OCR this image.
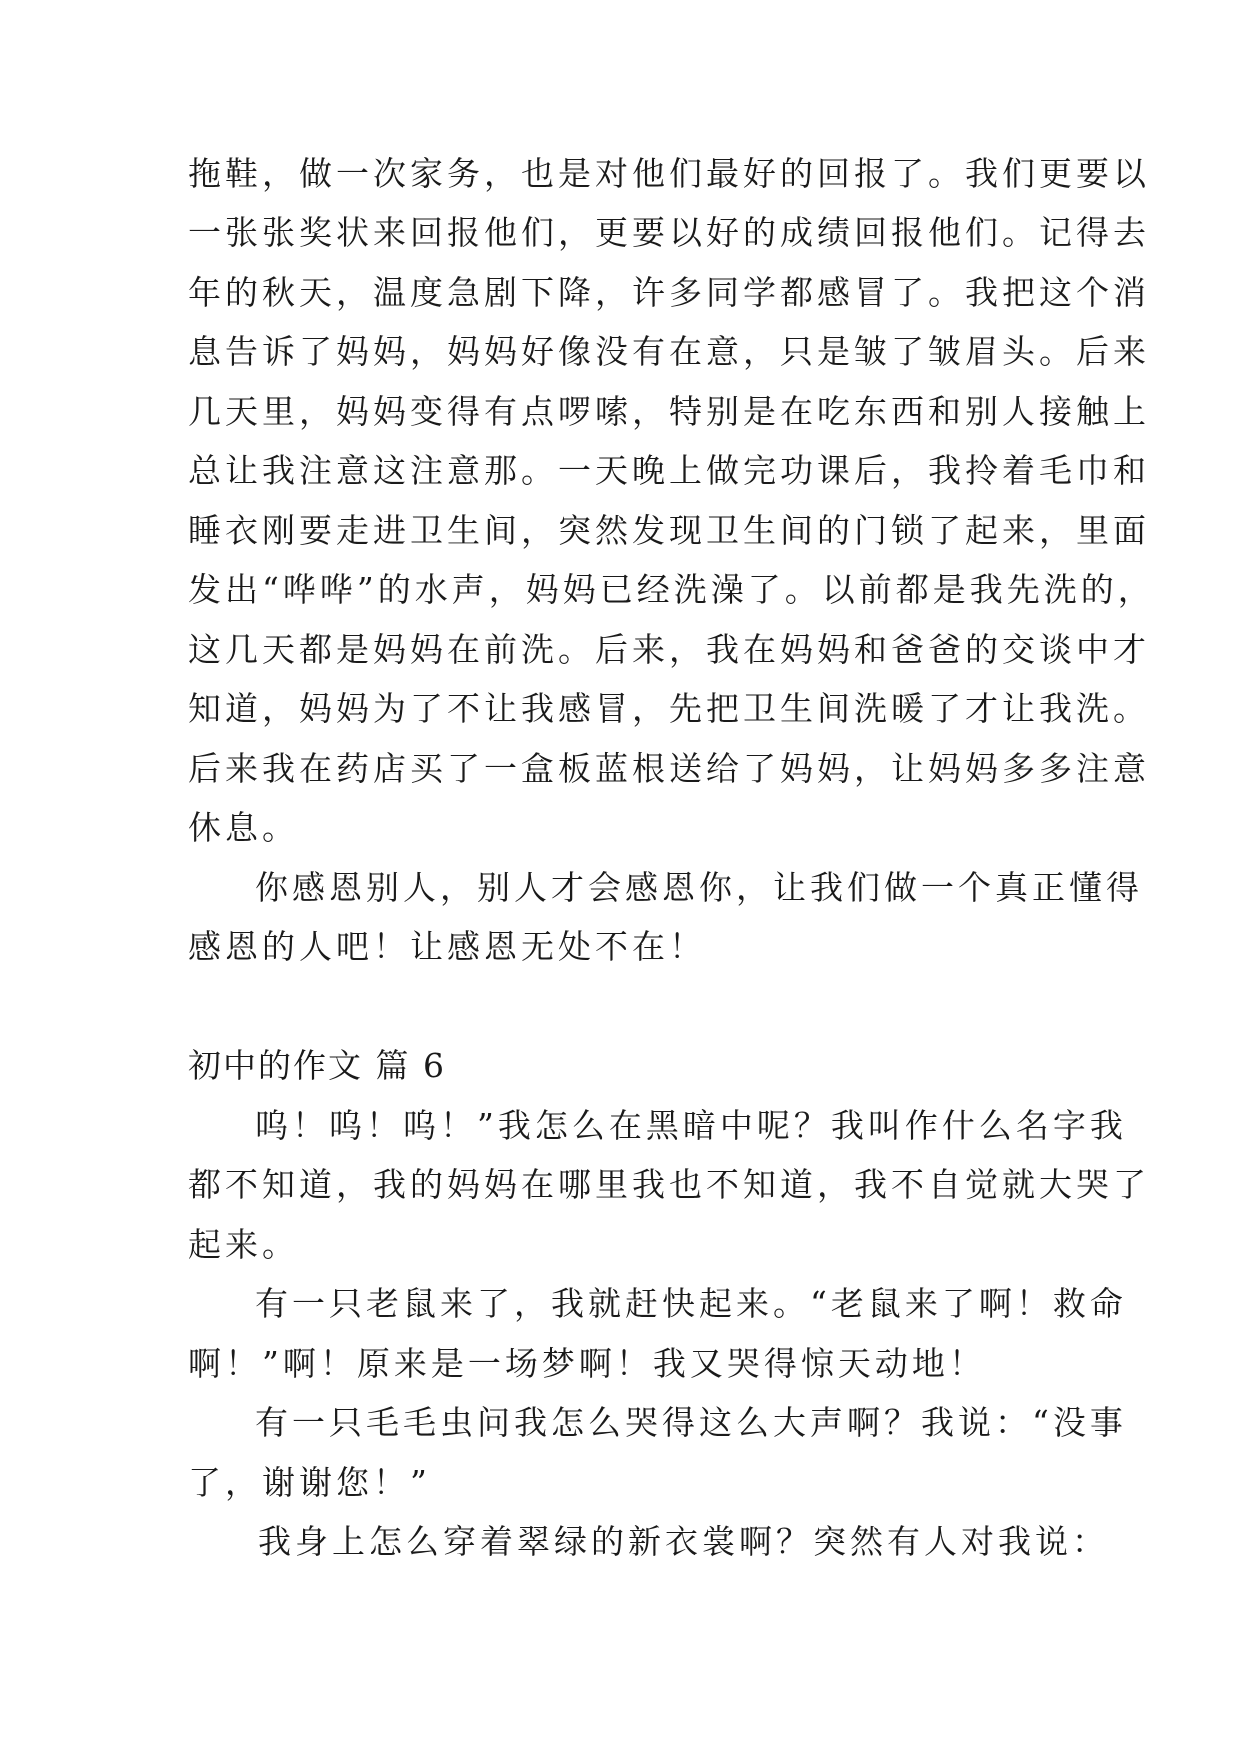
拖鞋，做一次家务，也是对他们最好的回报了。我们更要以
一张张奖状来回报他们，更要以好的成绩回报他们。记得去
年的秋天，温度急剧下降，许多同学都感冒了。我把这个消
息告诉了妈妈，妈妈好像没有在意，只是皱了皱眉头。后来
几天里，妈妈变得有点啰嗦，特别是在吃东西和别人接触上
总让我注意这注意那。一天晚上做完功课后，我拎着毛巾和
睡衣刚要走进卫生间，突然发现卫生间的门锁了起来，里面
发出“哗哗”的水声，妈妈已经洗澡了。以前都是我先洗的，
这几天都是妈妈在前洗。后来，我在妈妈和爸爸的交谈中才
知道，妈妈为了不让我感冒，先把卫生间洗暖了才让我洗。
后来我在药店买了一盒板蓝根送给了妈妈，让妈妈多多注意
休息。
你感恩别人，别人才会感恩你，让我们做一个真正懂得
感恩的人吧！让感恩无处不在！
初中的作文 篇 6
呜！呜！呜！”我怎么在黑暗中呢？我叫作什么名字我
都不知道，我的妈妈在哪里我也不知道，我不自觉就大哭了
起来。
有一只老鼠来了，我就赶快起来。“老鼠来了啊！救命
啊！”啊！原来是一场梦啊！我又哭得惊天动地！
有一只毛毛虫问我怎么哭得这么大声啊？我说：“没事
了，谢谢您！”
我身上怎么穿着翠绿的新衣裳啊？突然有人对我说：
